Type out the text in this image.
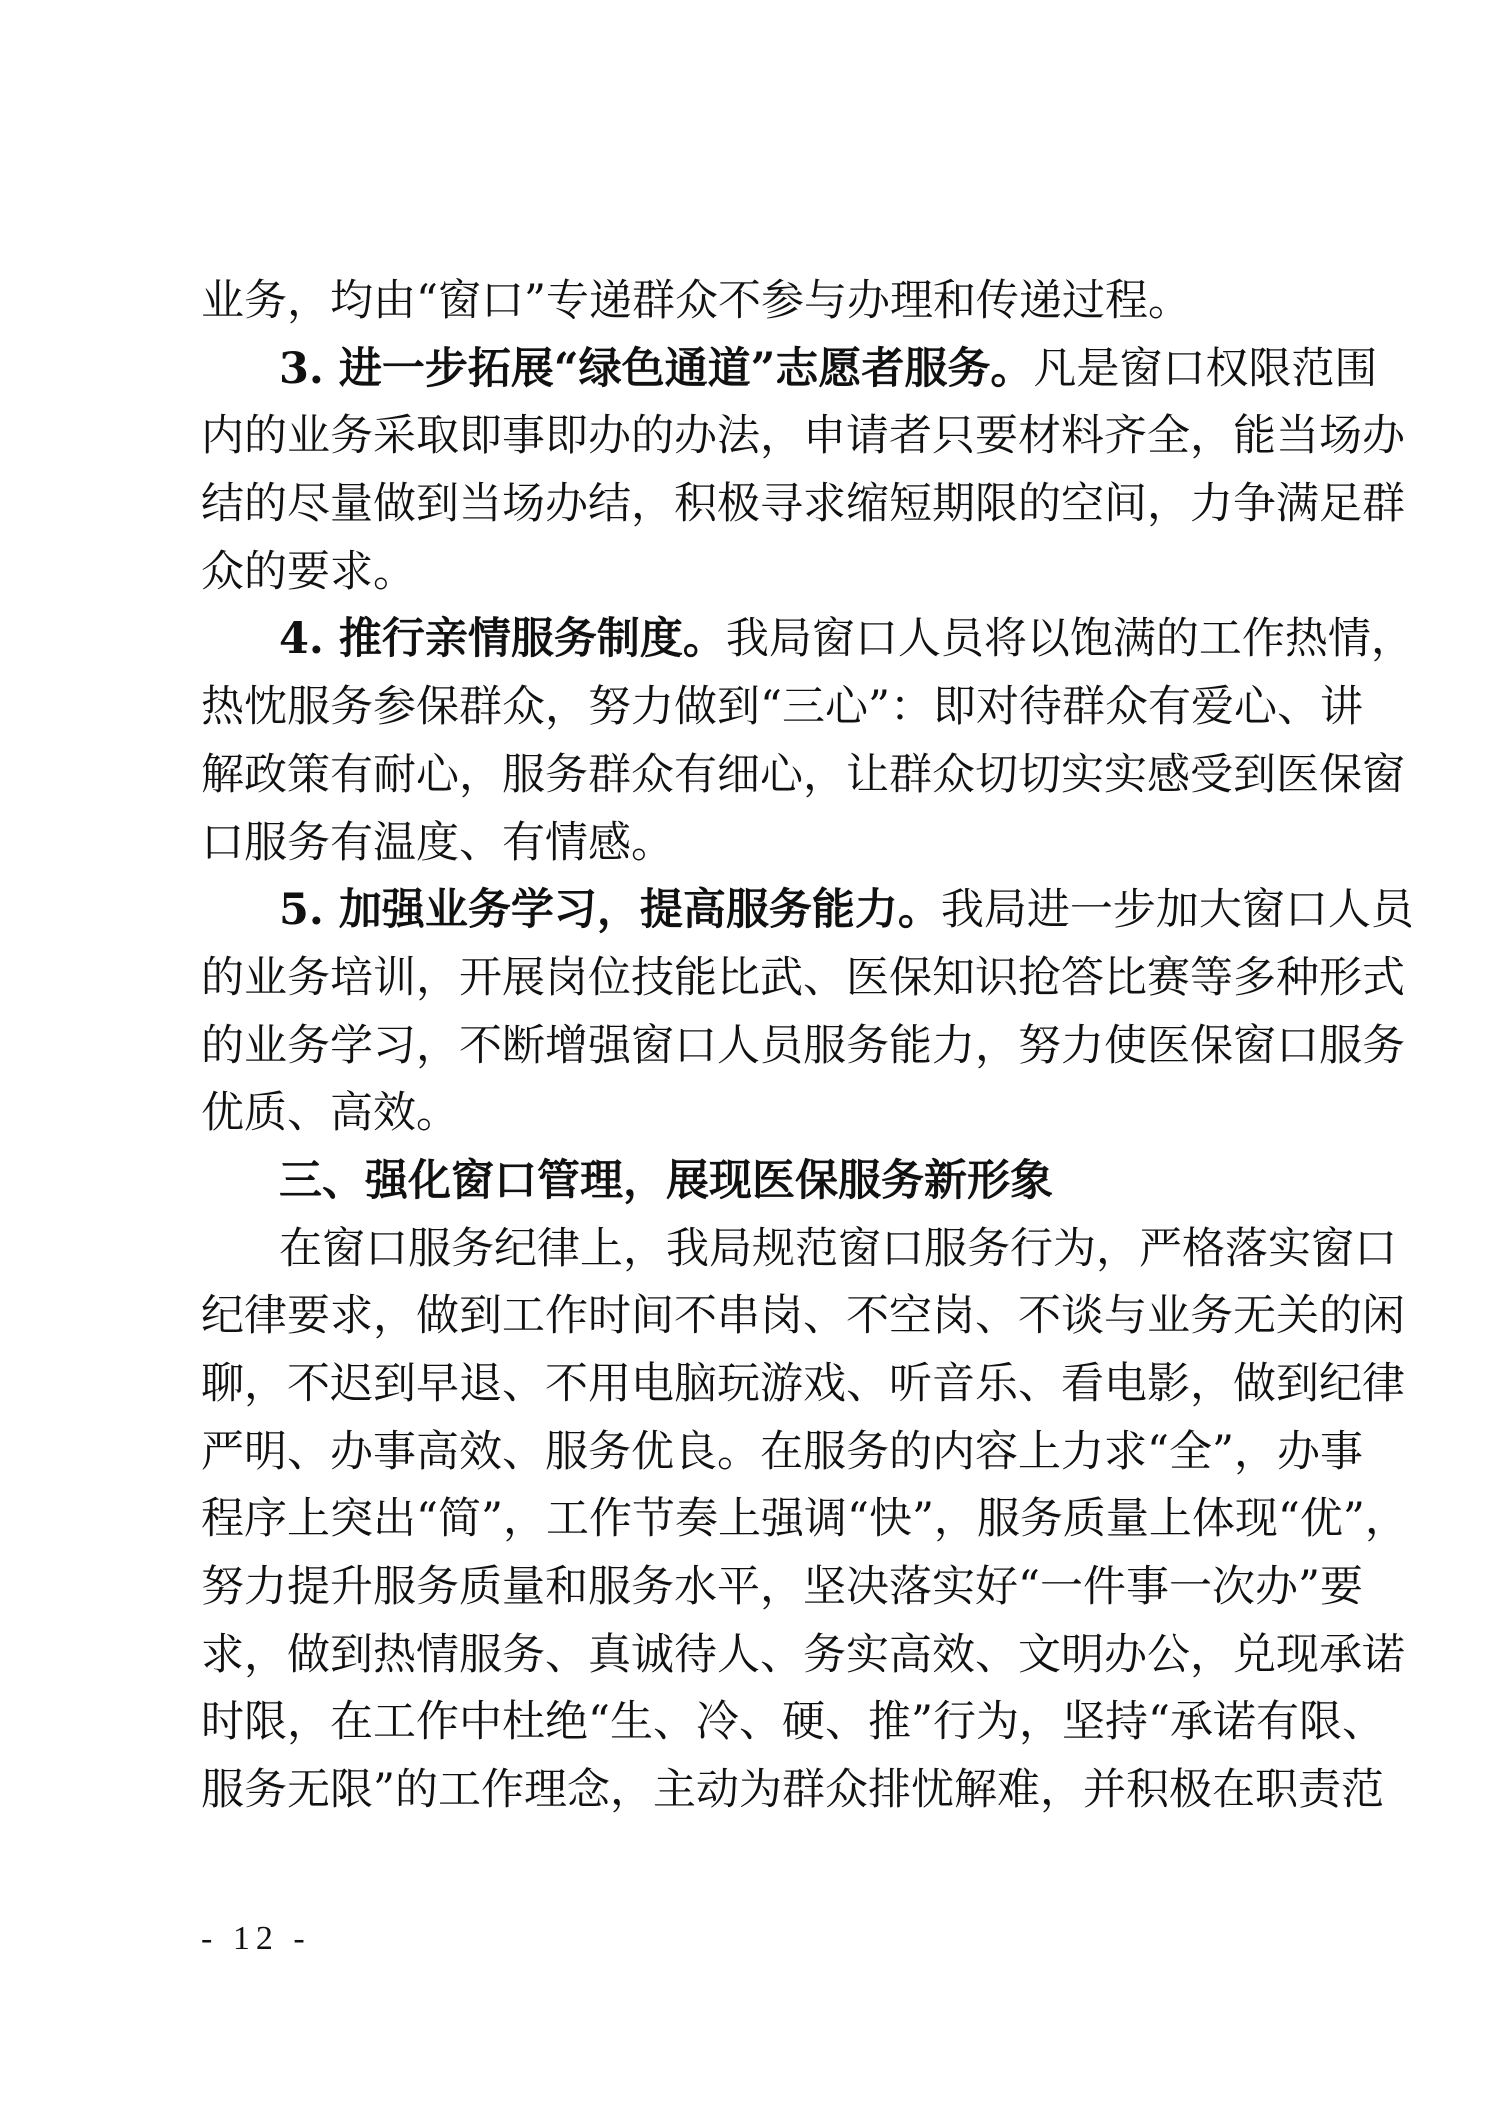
业务，均由“窗口”专递群众不参与办理和传递过程。
3. 进一步拓展“绿色通道”志愿者服务。凡是窗口权限范围
内的业务采取即事即办的办法，申请者只要材料齐全，能当场办
结的尽量做到当场办结，积极寻求缩短期限的空间，力争满足群
众的要求。
4. 推行亲情服务制度。我局窗口人员将以饱满的工作热情，
热忱服务参保群众，努力做到“三心”：即对待群众有爱心、讲
解政策有耐心，服务群众有细心，让群众切切实实感受到医保窗
口服务有温度、有情感。
5. 加强业务学习，提高服务能力。我局进一步加大窗口人员
的业务培训，开展岗位技能比武、医保知识抢答比赛等多种形式
的业务学习，不断增强窗口人员服务能力，努力使医保窗口服务
优质、高效。
三、强化窗口管理，展现医保服务新形象
在窗口服务纪律上，我局规范窗口服务行为，严格落实窗口
纪律要求，做到工作时间不串岗、不空岗、不谈与业务无关的闲
聊，不迟到早退、不用电脑玩游戏、听音乐、看电影，做到纪律
严明、办事高效、服务优良。在服务的内容上力求“全”，办事
程序上突出“简”，工作节奏上强调“快”，服务质量上体现“优”，
努力提升服务质量和服务水平，坚决落实好“一件事一次办”要
求，做到热情服务、真诚待人、务实高效、文明办公，兑现承诺
时限，在工作中杜绝“生、冷、硬、推”行为，坚持“承诺有限、
服务无限”的工作理念，主动为群众排忧解难，并积极在职责范
- 12 -
